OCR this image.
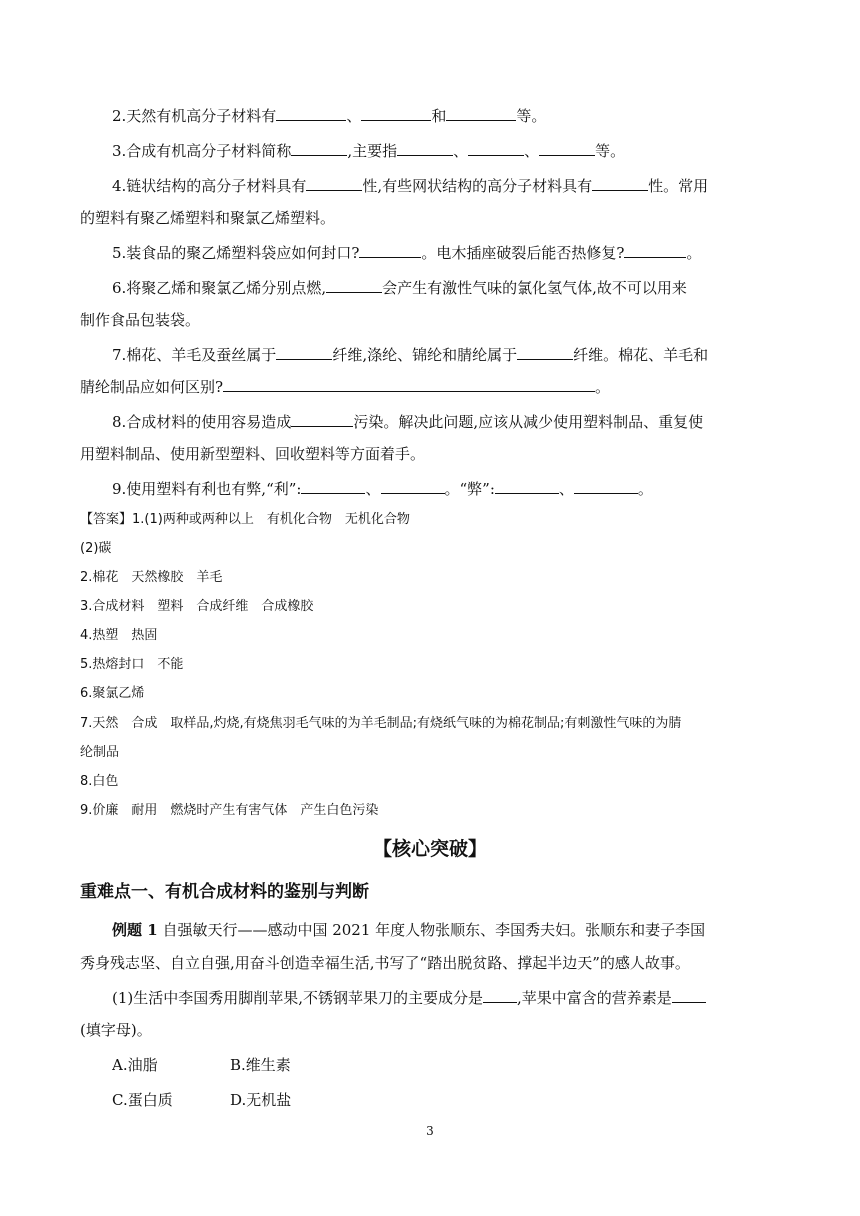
2.天然有机高分子材料有	、	和	等。

3.合成有机高分子材料简称	,主要指	、	、	等。

4.链状结构的高分子材料具有	性,有些网状结构的高分子材料具有	性。常用

的塑料有聚乙烯塑料和聚氯乙烯塑料。

5.装食品的聚乙烯塑料袋应如何封口?	。电木插座破裂后能否热修复?	。

6.将聚乙烯和聚氯乙烯分别点燃,	会产生有激性气味的氯化氢气体,故不可以用来

制作食品包装袋。

7.棉花、羊毛及蚕丝属于	纤维,涤纶、锦纶和腈纶属于	纤维。棉花、羊毛和

腈纶制品应如何区别?	。

8.合成材料的使用容易造成	污染。解决此问题,应该从减少使用塑料制品、重复使

用塑料制品、使用新型塑料、回收塑料等方面着手。

9.使用塑料有利也有弊,“利”:	、	。“弊”:	、	。

【答案】1.(1)两种或两种以上　有机化合物　无机化合物

(2)碳

2.棉花　天然橡胶　羊毛

3.合成材料　塑料　合成纤维　合成橡胶

4.热塑　热固

5.热熔封口　不能

6.聚氯乙烯

7.天然　合成　取样品,灼烧,有烧焦羽毛气味的为羊毛制品;有烧纸气味的为棉花制品;有刺激性气味的为腈

纶制品

8.白色

9.价廉　耐用　燃烧时产生有害气体　产生白色污染

【核心突破】
重难点一、有机合成材料的鉴别与判断

例题 1 自强敏天行——感动中国 2021 年度人物张顺东、李国秀夫妇。张顺东和妻子李国

秀身残志坚、自立自强,用奋斗创造幸福生活,书写了“踏出脱贫路、撑起半边天”的感人故事。

(1)生活中李国秀用脚削苹果,不锈钢苹果刀的主要成分是 ,苹果中富含的营养素是

(填字母)。

A.油脂	B.维生素

C.蛋白质	D.无机盐

3
